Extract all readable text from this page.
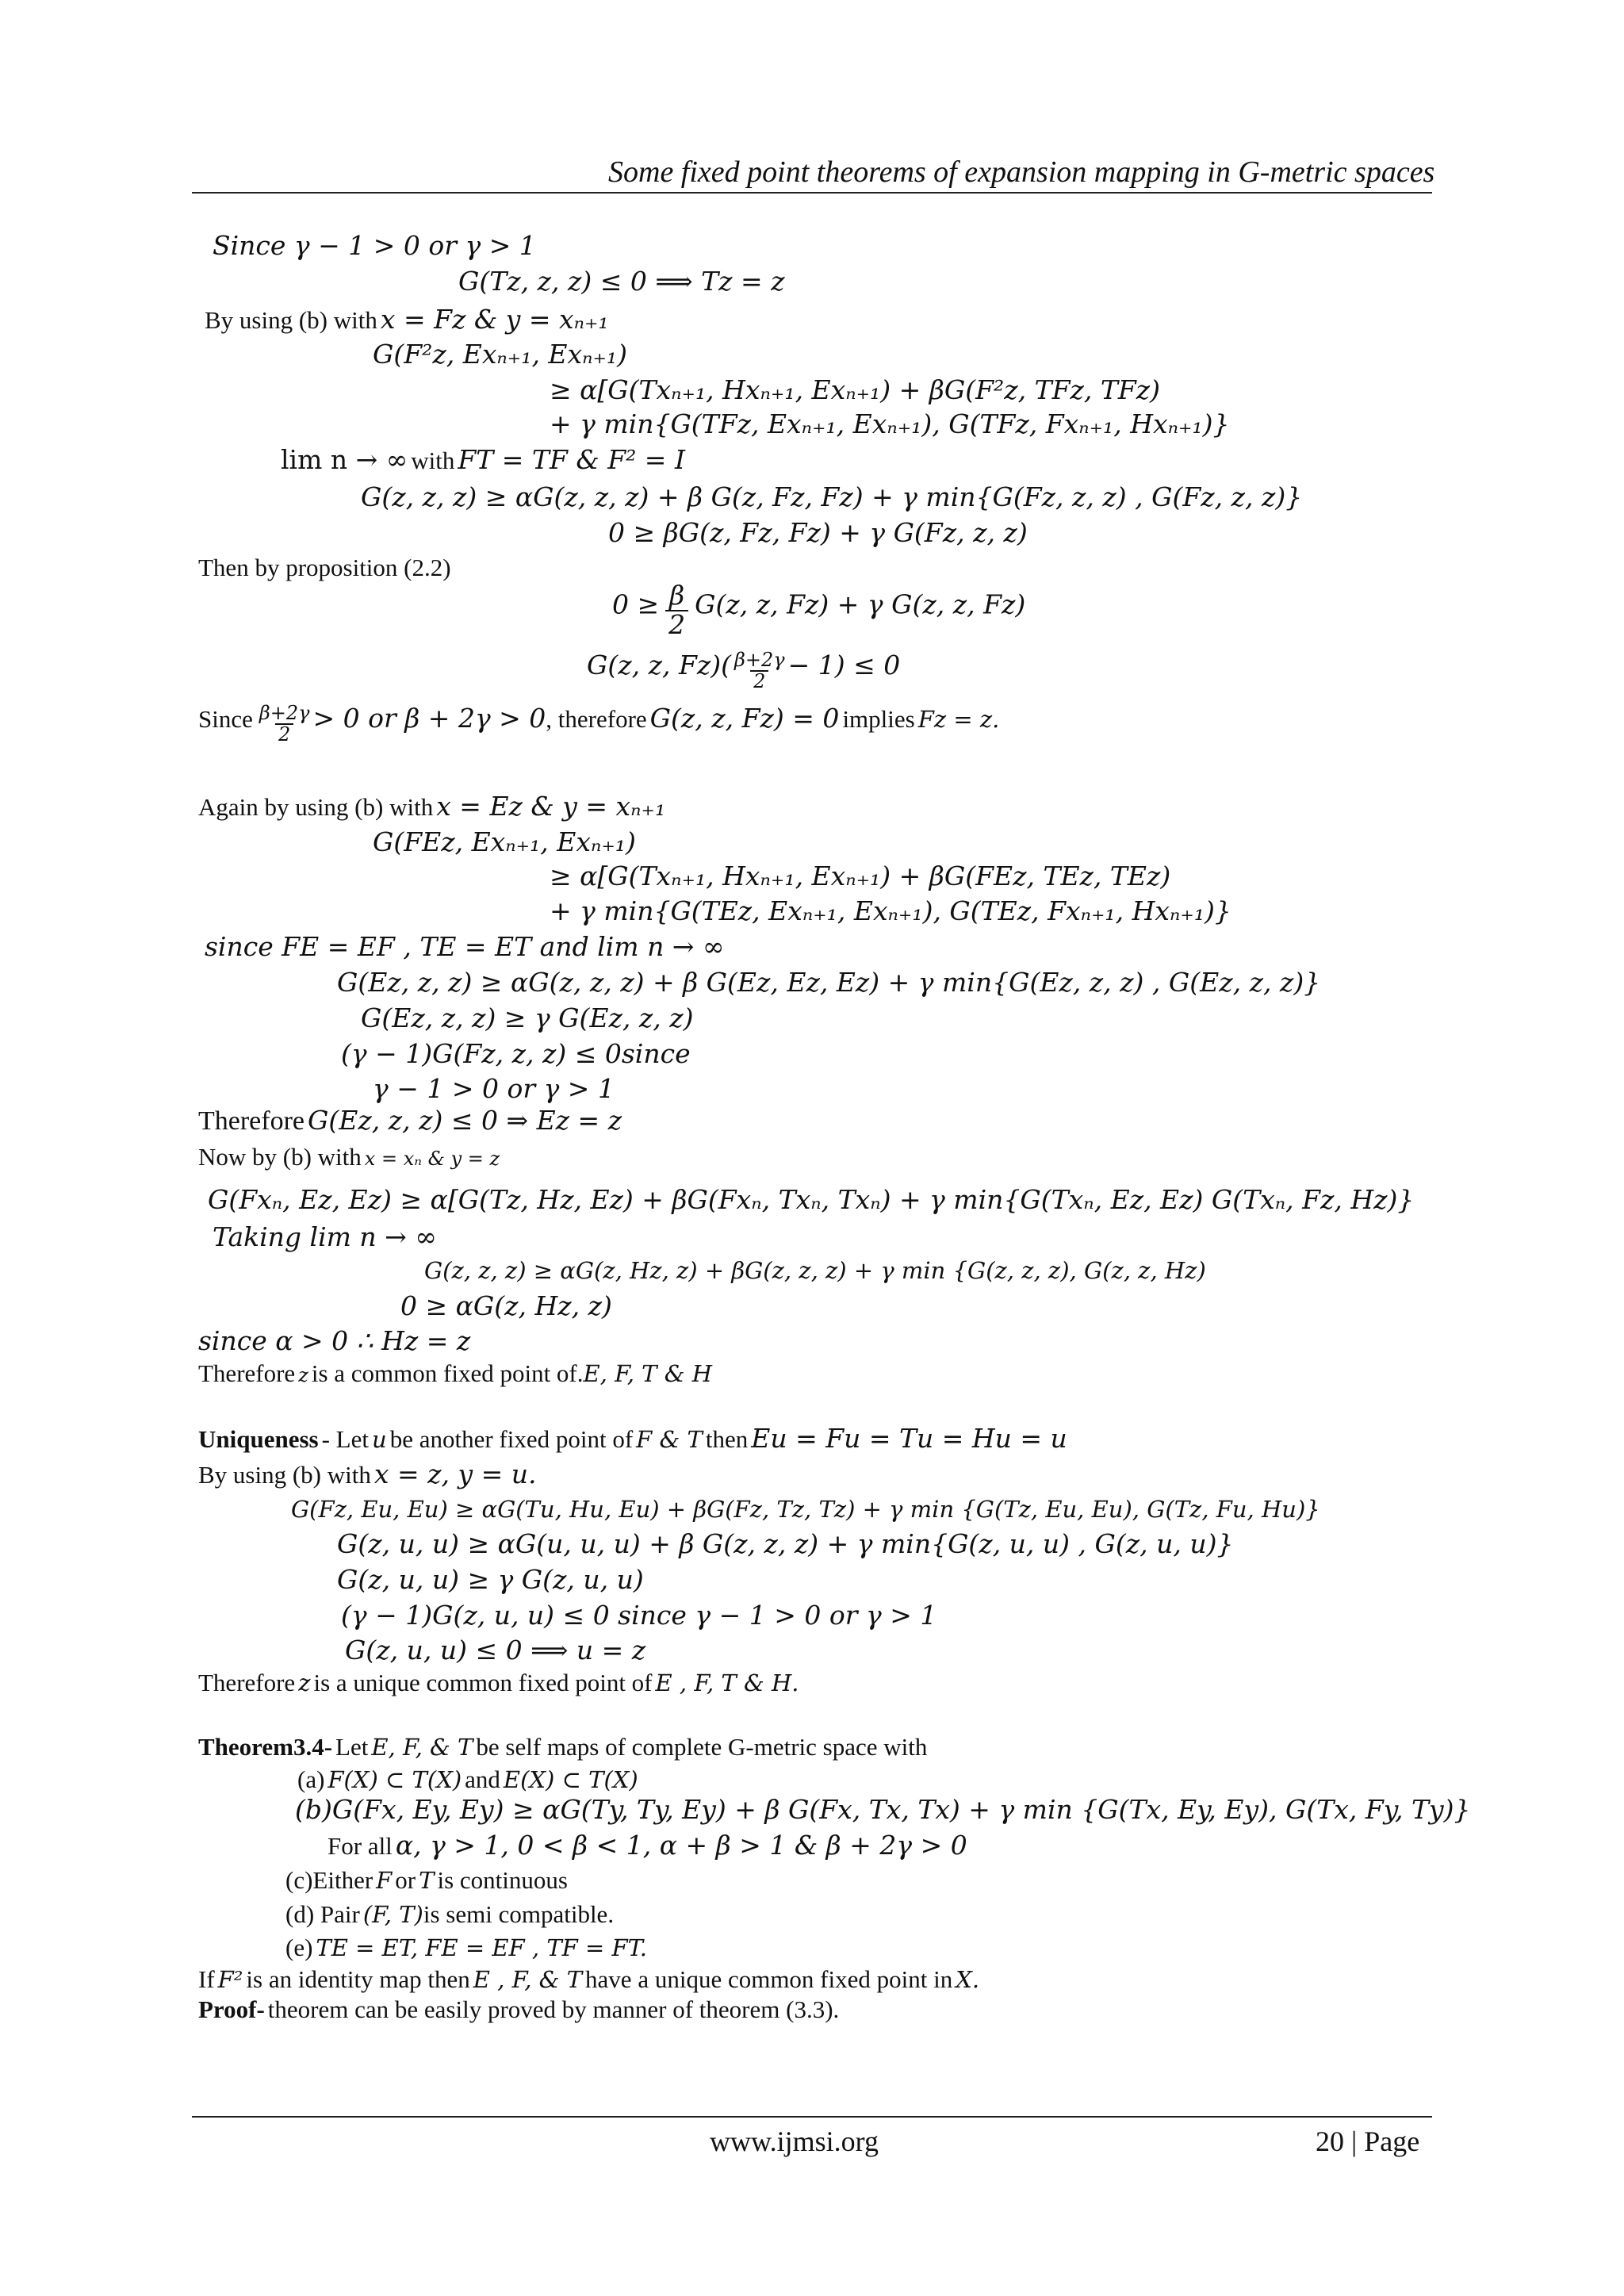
Some fixed point theorems of expansion mapping in G-metric spaces
Since γ − 1 > 0 or γ > 1
G(Tz, z, z) ≤ 0 ⟹ Tz = z
By using (b) with x = Fz & y = xₙ₊₁
G(F²z, Exₙ₊₁, Exₙ₊₁)
≥ α[G(Txₙ₊₁, Hxₙ₊₁, Exₙ₊₁) + βG(F²z, TFz, TFz)
+ γ min{G(TFz, Exₙ₊₁, Exₙ₊₁), G(TFz, Fxₙ₊₁, Hxₙ₊₁)}
lim n → ∞ with FT = TF & F² = I
G(z, z, z) ≥ αG(z, z, z) + β G(z, Fz, Fz) + γ min{G(Fz, z, z) , G(Fz, z, z)}
0 ≥ βG(z, Fz, Fz) + γ G(Fz, z, z)
Then by proposition (2.2)
$0 \ge \frac{\beta}{2} G(z$, z, Fz) + γ G(z, z, Fz)
G(z, z, $Fz)( \frac{\beta+2\gamma}{2} - 1) \le 0$
Since $\frac{\beta+2\gamma}{2} > 0$ or β + 2γ > 0, therefore G(z, z, Fz) = 0 implies Fz = z.
Again by using (b) with x = Ez & y = xₙ₊₁
G(FEz, Exₙ₊₁, Exₙ₊₁)
≥ α[G(Txₙ₊₁, Hxₙ₊₁, Exₙ₊₁) + βG(FEz, TEz, TEz)
+ γ min{G(TEz, Exₙ₊₁, Exₙ₊₁), G(TEz, Fxₙ₊₁, Hxₙ₊₁)}
since FE = EF , TE = ET and lim n → ∞
G(Ez, z, z) ≥ αG(z, z, z) + β G(Ez, Ez, Ez) + γ min{G(Ez, z, z) , G(Ez, z, z)}
G(Ez, z, z) ≥ γ G(Ez, z, z)
(γ − 1)G(Fz, z, z) ≤ 0since
γ − 1 > 0 or γ > 1
Therefore G(Ez, z, z) ≤ 0 ⇒ Ez = z
Now by (b) with x = xₙ & y = z
G(Fxₙ, Ez, Ez) ≥ α[G(Tz, Hz, Ez) + βG(Fxₙ, Txₙ, Txₙ) + γ min{G(Txₙ, Ez, Ez) G(Txₙ, Fz, Hz)}
Taking lim n → ∞
G(z, z, z) ≥ αG(z, Hz, z) + βG(z, z, z) + γ min {G(z, z, z), G(z, z, Hz)
0 ≥ αG(z, Hz, z)
since α > 0 ∴ Hz = z
Therefore z is a common fixed point of.E, F, T & H
Uniqueness - Let u be another fixed point of F & T then Eu = Fu = Tu = Hu = u
By using (b) with x = z, y = u.
G(Fz, Eu, Eu) ≥ αG(Tu, Hu, Eu) + βG(Fz, Tz, Tz) + γ min {G(Tz, Eu, Eu), G(Tz, Fu, Hu)}
G(z, u, u) ≥ αG(u, u, u) + β G(z, z, z) + γ min{G(z, u, u) , G(z, u, u)}
G(z, u, u) ≥ γ G(z, u, u)
(γ − 1)G(z, u, u) ≤ 0 since γ − 1 > 0 or γ > 1
G(z, u, u) ≤ 0 ⟹ u = z
Therefore z is a unique common fixed point of E , F, T & H.
Theorem3.4- Let E, F, & T be self maps of complete G-metric space with
(a) F(X) ⊂ T(X) and E(X) ⊂ T(X)
(b)G(Fx, Ey, Ey) ≥ αG(Ty, Ty, Ey) + β G(Fx, Tx, Tx) + γ min {G(Tx, Ey, Ey), G(Tx, Fy, Ty)}
For all α, γ > 1, 0 < β < 1, α + β > 1 & β + 2γ > 0
(c)Either F or T is continuous
(d) Pair (F, T)is semi compatible.
(e) TE = ET, FE = EF , TF = FT.
If F² is an identity map then E , F, & T have a unique common fixed point in X.
Proof- theorem can be easily proved by manner of theorem (3.3).
www.ijmsi.org	20 | Page
